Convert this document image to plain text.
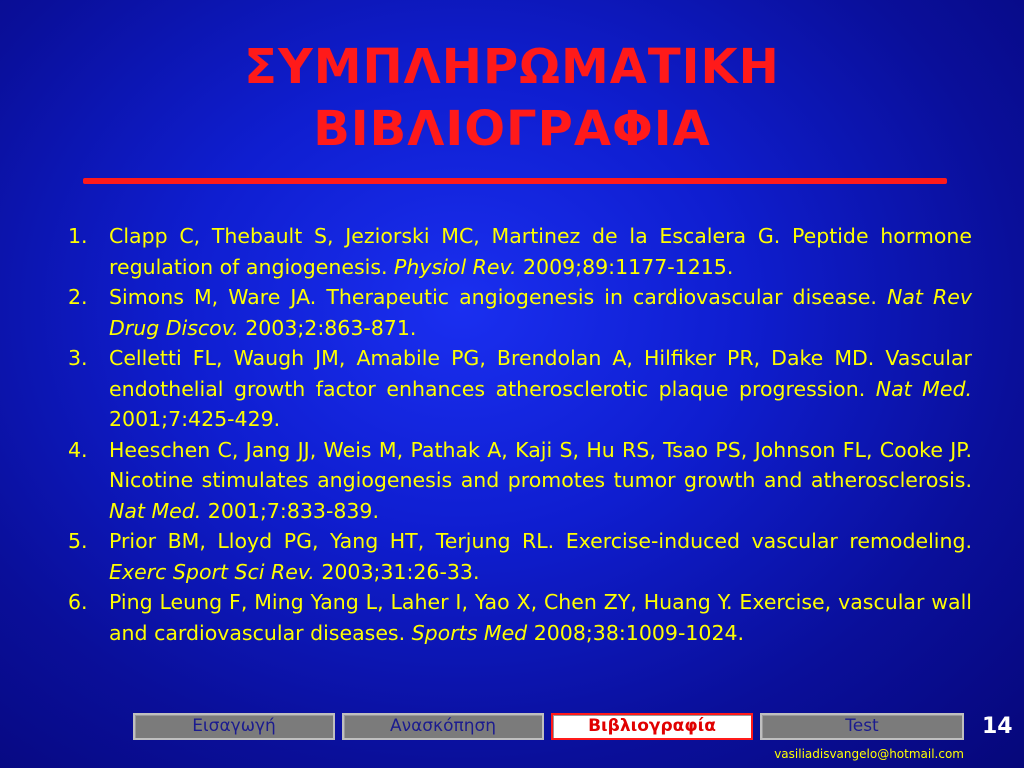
ΣΥΜΠΛΗΡΩΜΑΤΙΚΗ
ΒΙΒΛΙΟΓΡΑΦΙΑ
1. Clapp C, Thebault S, Jeziorski MC, Martinez de la Escalera G. Peptide hormone regulation of angiogenesis. Physiol Rev. 2009;89:1177-1215.
2. Simons M, Ware JA. Therapeutic angiogenesis in cardiovascular disease. Nat Rev Drug Discov. 2003;2:863-871.
3. Celletti FL, Waugh JM, Amabile PG, Brendolan A, Hilfiker PR, Dake MD. Vascular endothelial growth factor enhances atherosclerotic plaque progression. Nat Med. 2001;7:425-429.
4. Heeschen C, Jang JJ, Weis M, Pathak A, Kaji S, Hu RS, Tsao PS, Johnson FL, Cooke JP. Nicotine stimulates angiogenesis and promotes tumor growth and atherosclerosis. Nat Med. 2001;7:833-839.
5. Prior BM, Lloyd PG, Yang HT, Terjung RL. Exercise-induced vascular remodeling. Exerc Sport Sci Rev. 2003;31:26-33.
6. Ping Leung F, Ming Yang L, Laher I, Yao X, Chen ZY, Huang Y. Exercise, vascular wall and cardiovascular diseases. Sports Med 2008;38:1009-1024.
Εισαγωγή	Ανασκόπηση	Βιβλιογραφία	Test	14
vasiliadisvangelo@hotmail.com
